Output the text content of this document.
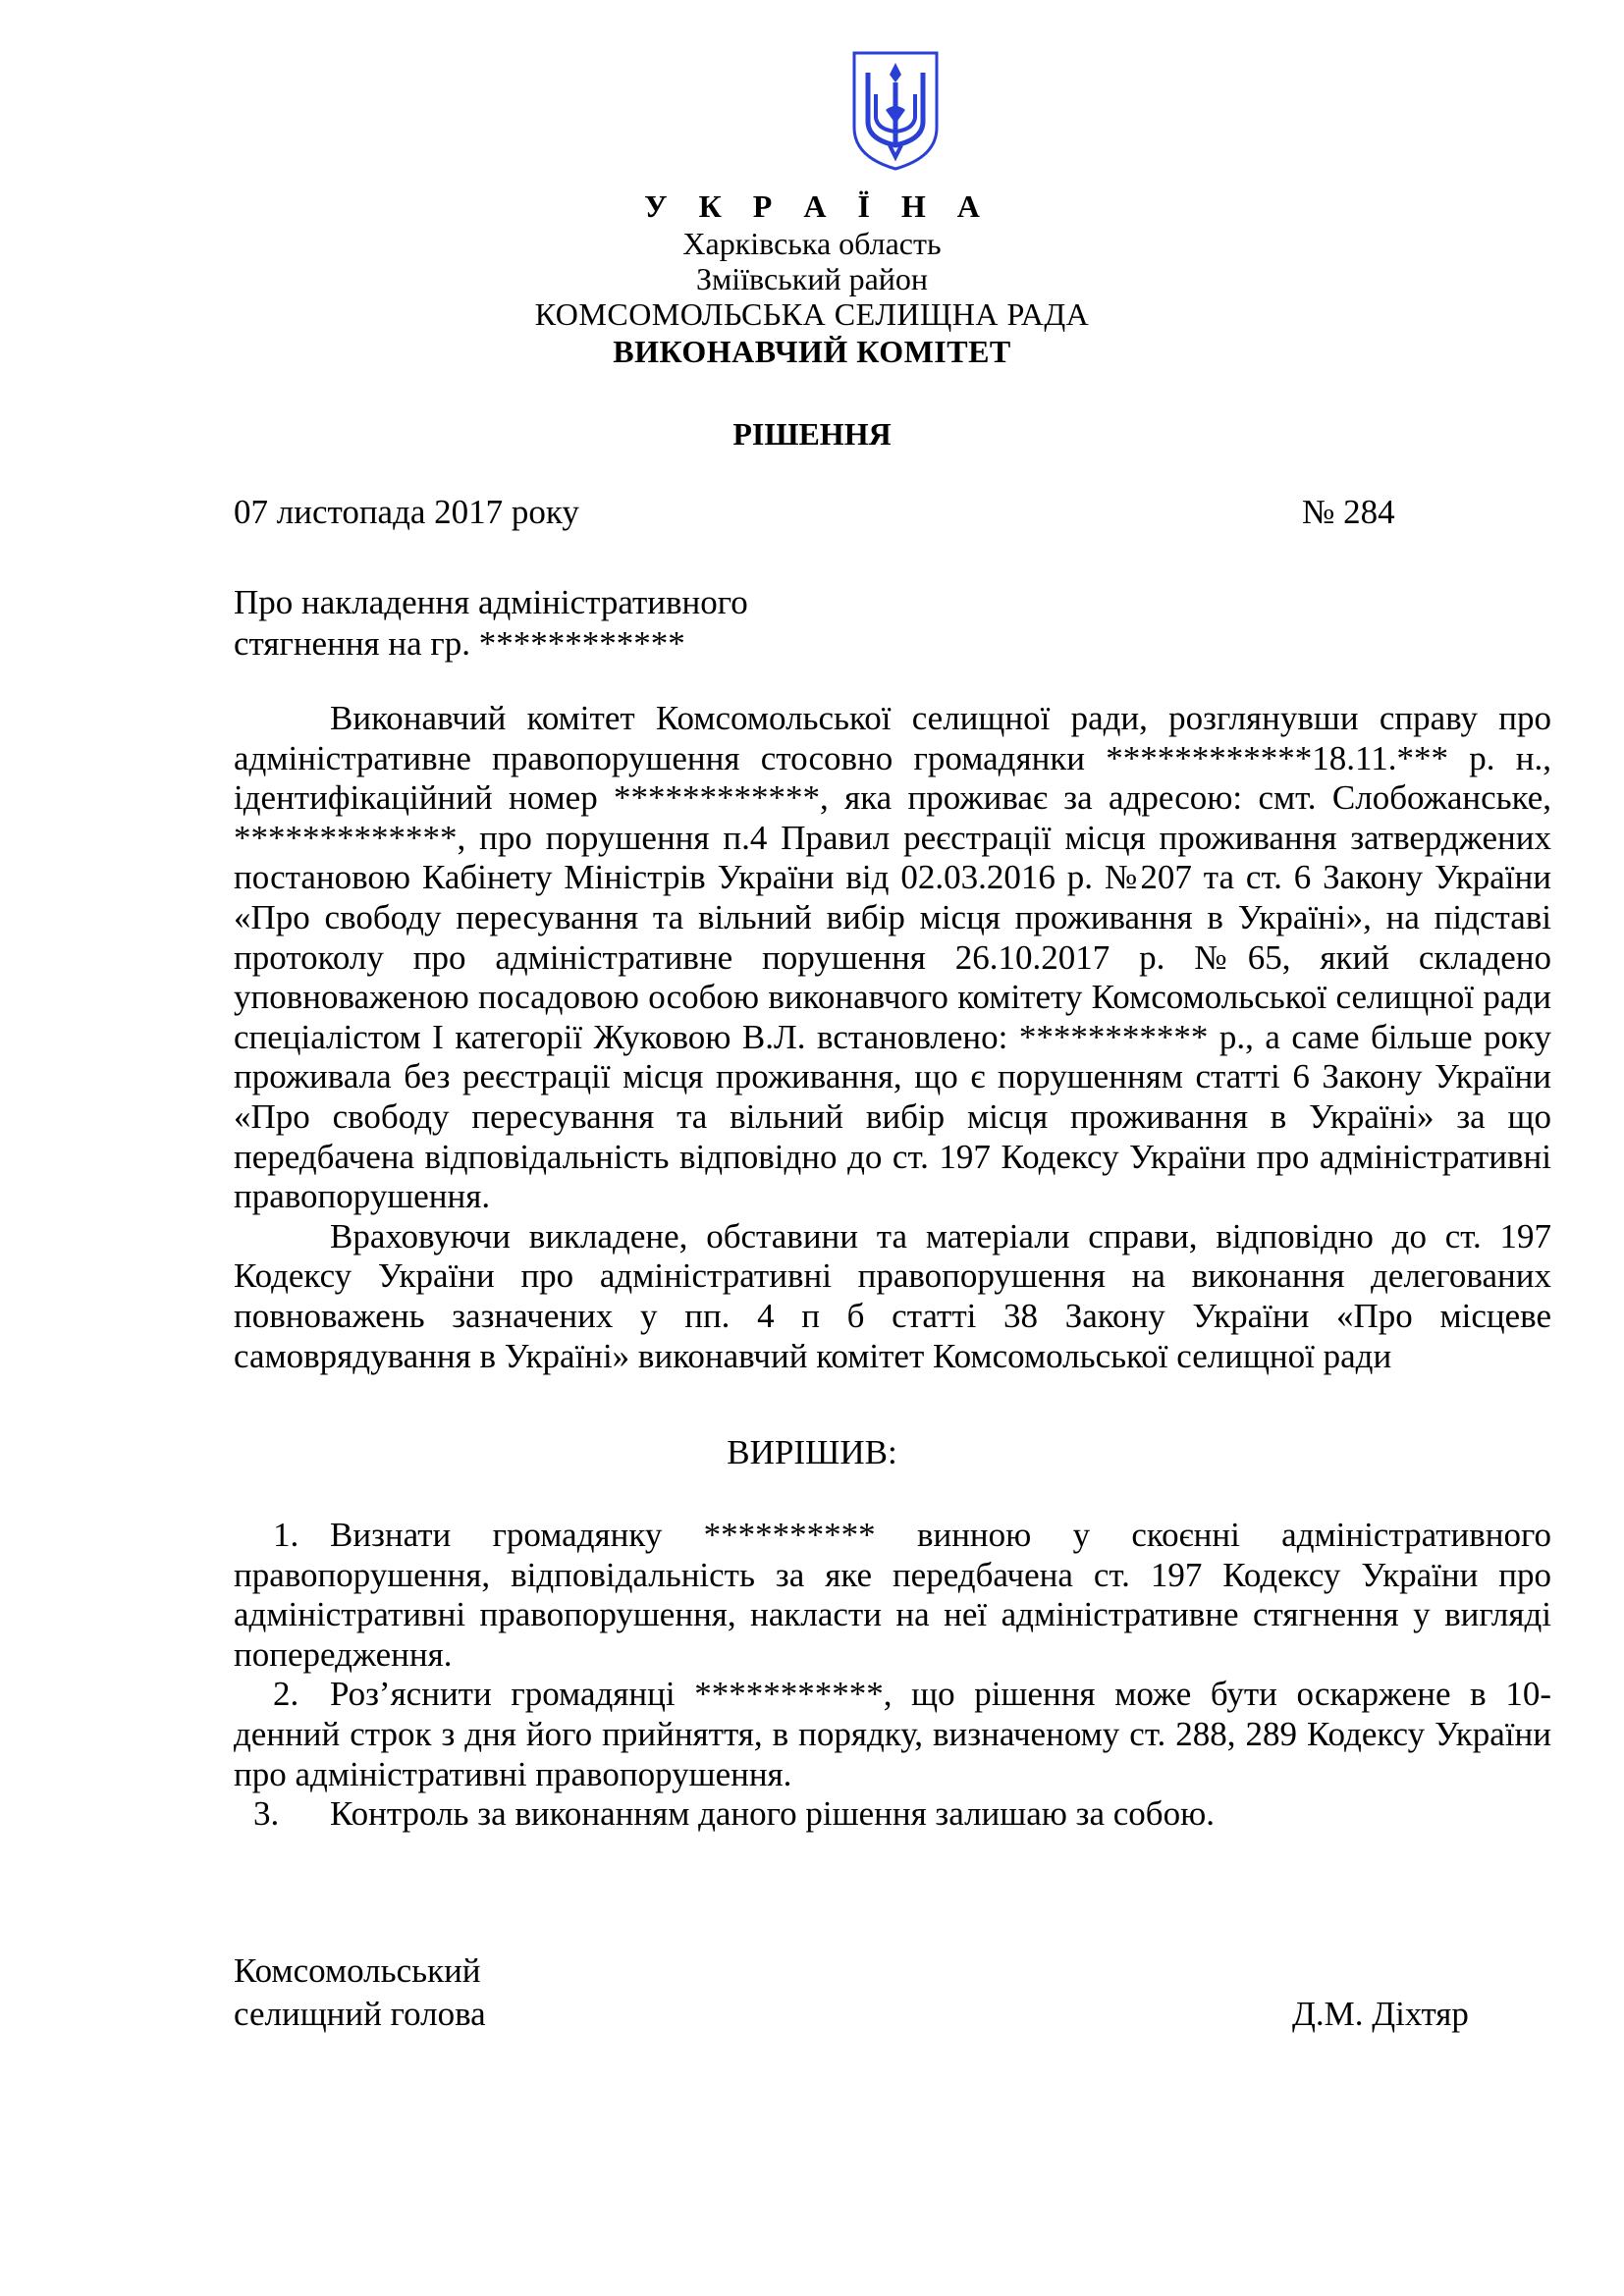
У К Р А Ї Н А
Харківська область
Зміївський район
КОМСОМОЛЬСЬКА СЕЛИЩНА РАДА
ВИКОНАВЧИЙ КОМІТЕТ
РІШЕННЯ
07 листопада 2017 року	№ 284
Про накладення адміністративного
стягнення на гр. ************

Виконавчий комітет Комсомольської селищної ради, розглянувши справу про адміністративне правопорушення стосовно громадянки ************18.11.*** р. н., ідентифікаційний номер ************, яка проживає за адресою: смт. Слобожанське, *************, про порушення п.4 Правил реєстрації місця проживання затверджених постановою Кабінету Міністрів України від 02.03.2016 р. №207 та ст. 6 Закону України «Про свободу пересування та вільний вибір місця проживання в Україні», на підставі протоколу про адміністративне порушення 26.10.2017 р. №65, який складено уповноваженою посадовою особою виконавчого комітету Комсомольської селищної ради спеціалістом І категорії Жуковою В.Л. встановлено: *********** р., а саме більше року проживала без реєстрації місця проживання, що є порушенням статті 6 Закону України «Про свободу пересування та вільний вибір місця проживання в Україні» за що передбачена відповідальність відповідно до ст. 197 Кодексу України про адміністративні правопорушення.

Враховуючи викладене, обставини та матеріали справи, відповідно до ст. 197 Кодексу України про адміністративні правопорушення на виконання делегованих повноважень зазначених у пп. 4 п б статті 38 Закону України «Про місцеве самоврядування в Україні» виконавчий комітет Комсомольської селищної ради

ВИРІШИВ:
1. Визнати громадянку ********** винною у скоєнні адміністративного правопорушення, відповідальність за яке передбачена ст. 197 Кодексу України про адміністративні правопорушення, накласти на неї адміністративне стягнення у вигляді попередження.
2. Роз’яснити громадянці ***********, що рішення може бути оскаржене в 10-денний строк з дня його прийняття, в порядку, визначеному ст. 288, 289 Кодексу України про адміністративні правопорушення.
3. Контроль за виконанням даного рішення залишаю за собою.
Комсомольський
селищний голова	Д.М. Діхтяр
